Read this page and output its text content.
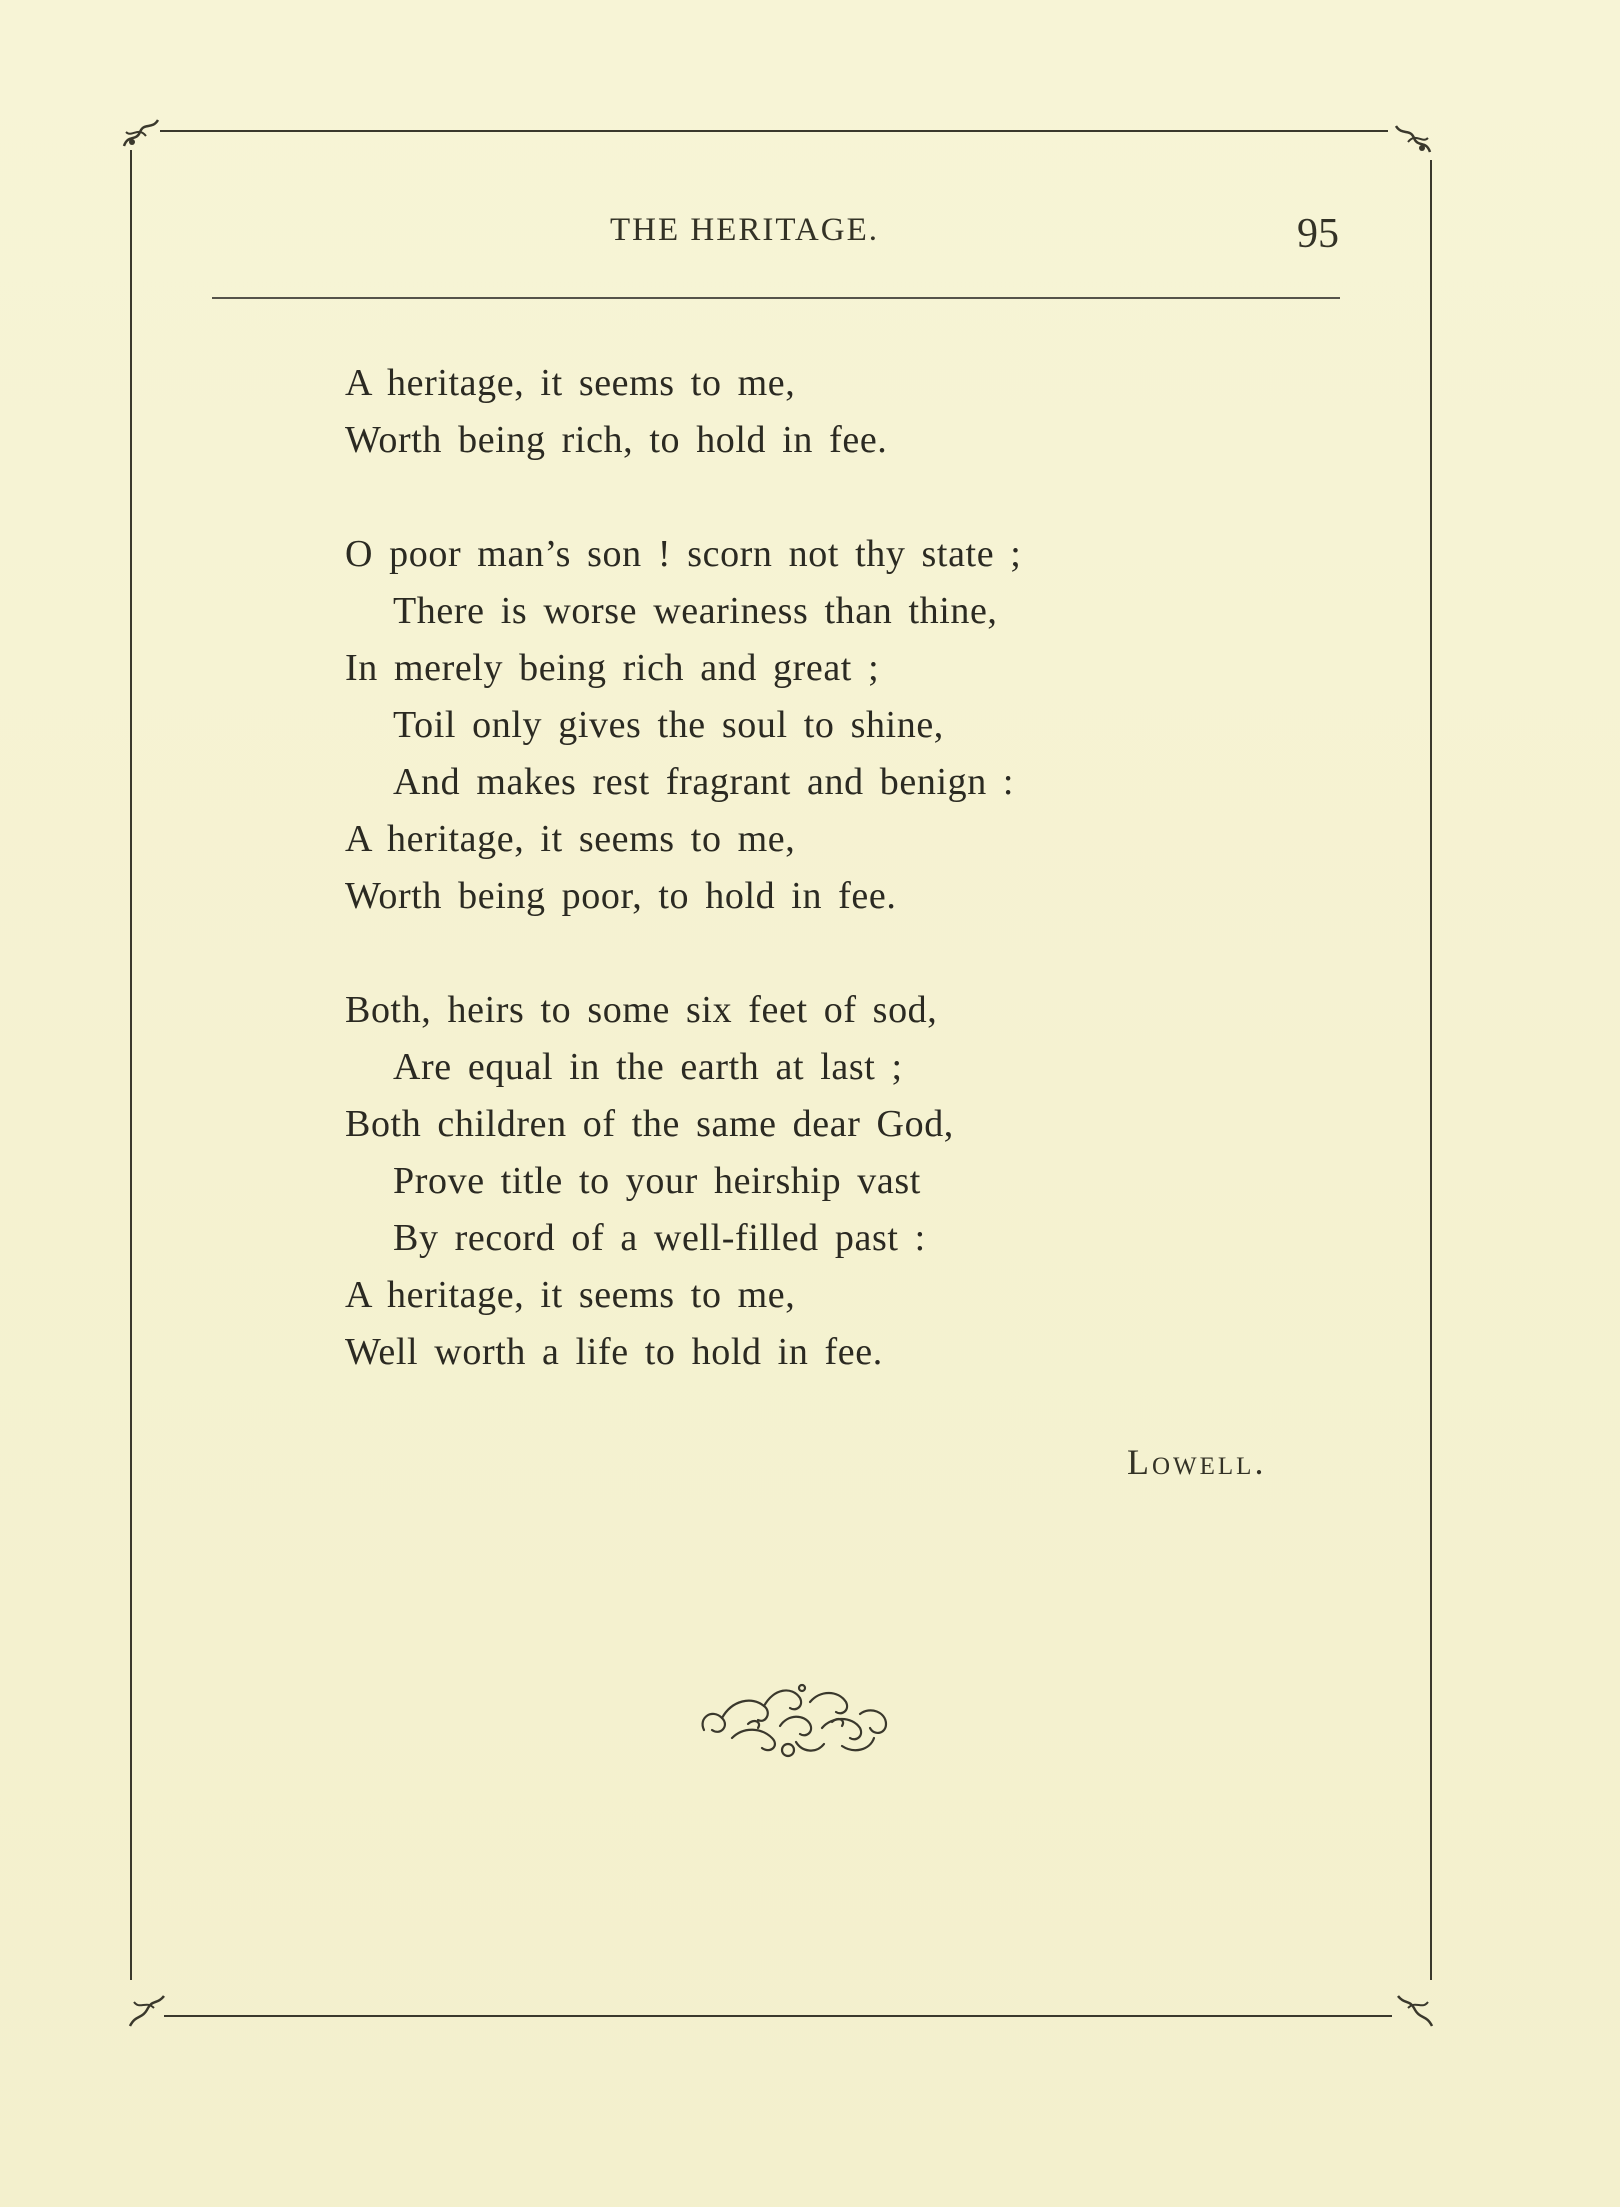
THE HERITAGE.	95
A heritage, it seems to me,
Worth being rich, to hold in fee.
O poor man’s son ! scorn not thy state ;
There is worse weariness than thine,
In merely being rich and great ;
Toil only gives the soul to shine,
And makes rest fragrant and benign :
A heritage, it seems to me,
Worth being poor, to hold in fee.
Both, heirs to some six feet of sod,
Are equal in the earth at last ;
Both children of the same dear God,
Prove title to your heirship vast
By record of a well-filled past :
A heritage, it seems to me,
Well worth a life to hold in fee.
Lowell.
